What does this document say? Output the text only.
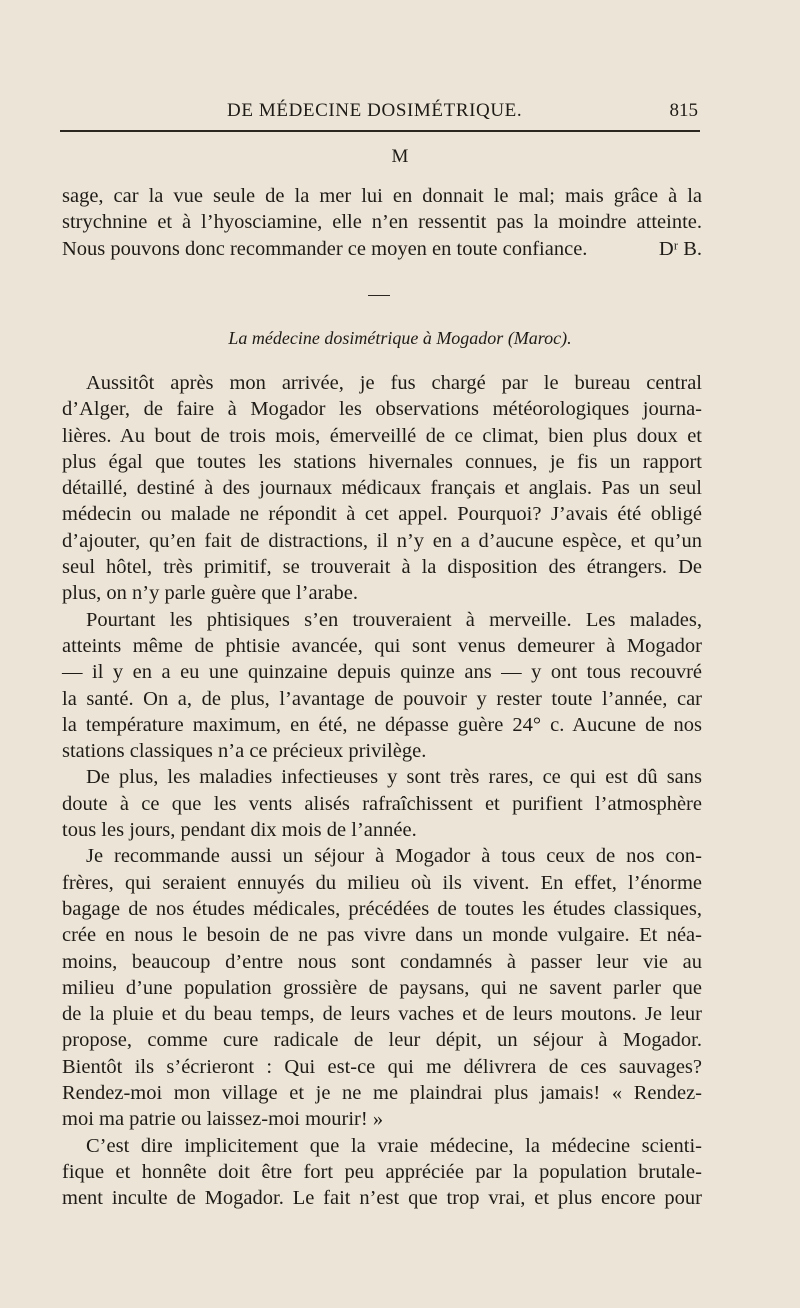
DE MÉDECINE DOSIMÉTRIQUE.	815
M
sage, car la vue seule de la mer lui en donnait le mal; mais grâce à la
strychnine et à l’hyosciamine, elle n’en ressentit pas la moindre atteinte.
Nous pouvons donc recommander ce moyen en toute confiance.	Dʳ B.
La médecine dosimétrique à Mogador (Maroc).
Aussitôt après mon arrivée, je fus chargé par le bureau central
d’Alger, de faire à Mogador les observations météorologiques journa-
lières. Au bout de trois mois, émerveillé de ce climat, bien plus doux et
plus égal que toutes les stations hivernales connues, je fis un rapport
détaillé, destiné à des journaux médicaux français et anglais. Pas un seul
médecin ou malade ne répondit à cet appel. Pourquoi? J’avais été obligé
d’ajouter, qu’en fait de distractions, il n’y en a d’aucune espèce, et qu’un
seul hôtel, très primitif, se trouverait à la disposition des étrangers. De
plus, on n’y parle guère que l’arabe.
Pourtant les phtisiques s’en trouveraient à merveille. Les malades,
atteints même de phtisie avancée, qui sont venus demeurer à Mogador
— il y en a eu une quinzaine depuis quinze ans — y ont tous recouvré
la santé. On a, de plus, l’avantage de pouvoir y rester toute l’année, car
la température maximum, en été, ne dépasse guère 24° c. Aucune de nos
stations classiques n’a ce précieux privilège.
De plus, les maladies infectieuses y sont très rares, ce qui est dû sans
doute à ce que les vents alisés rafraîchissent et purifient l’atmosphère
tous les jours, pendant dix mois de l’année.
Je recommande aussi un séjour à Mogador à tous ceux de nos con-
frères, qui seraient ennuyés du milieu où ils vivent. En effet, l’énorme
bagage de nos études médicales, précédées de toutes les études classiques,
crée en nous le besoin de ne pas vivre dans un monde vulgaire. Et néa-
moins, beaucoup d’entre nous sont condamnés à passer leur vie au
milieu d’une population grossière de paysans, qui ne savent parler que
de la pluie et du beau temps, de leurs vaches et de leurs moutons. Je leur
propose, comme cure radicale de leur dépit, un séjour à Mogador.
Bientôt ils s’écrieront : Qui est-ce qui me délivrera de ces sauvages?
Rendez-moi mon village et je ne me plaindrai plus jamais! « Rendez-
moi ma patrie ou laissez-moi mourir! »
C’est dire implicitement que la vraie médecine, la médecine scienti-
fique et honnête doit être fort peu appréciée par la population brutale-
ment inculte de Mogador. Le fait n’est que trop vrai, et plus encore pour
